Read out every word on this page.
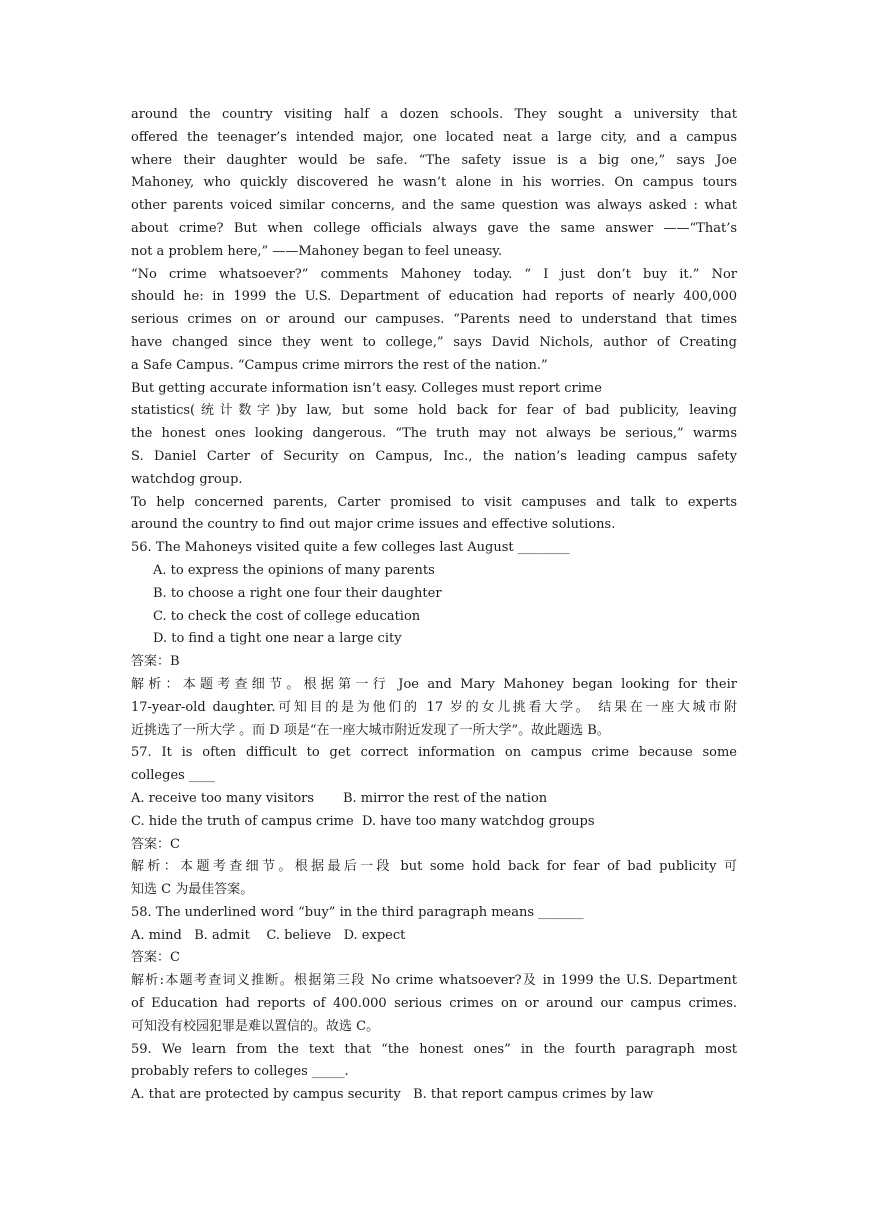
around the country visiting half a dozen schools. They sought a university that
offered the teenager’s intended major, one located neat a large city, and a campus
where their daughter would be safe. “The safety issue is a big one,” says Joe
Mahoney, who quickly discovered he wasn’t alone in his worries. On campus tours
other parents voiced similar concerns, and the same question was always asked : what
about crime? But when college officials always gave the same answer ——“That’s
not a problem here,” ——Mahoney began to feel uneasy.
“No crime whatsoever?” comments Mahoney today. “ I just don’t buy it.” Nor
should he: in 1999 the U.S. Department of education had reports of nearly 400,000
serious crimes on or around our campuses. “Parents need to understand that times
have changed since they went to college,” says David Nichols, author of Creating
a Safe Campus. “Campus crime mirrors the rest of the nation.”
But getting accurate information isn’t easy. Colleges must report crime
statistics(统计数字)by law, but some hold back for fear of bad publicity, leaving
the honest ones looking dangerous. “The truth may not always be serious,” warms
S. Daniel Carter of Security on Campus, Inc., the nation’s leading campus safety
watchdog group.
To help concerned parents, Carter promised to visit campuses and talk to experts
around the country to find out major crime issues and effective solutions.
56. The Mahoneys visited quite a few colleges last August ________
A. to express the opinions of many parents
B. to choose a right one four their daughter
C. to check the cost of college education
D. to find a tight one near a large city
答案：B
解析：本题考查细节。根据第一行 Joe and Mary Mahoney began looking for their
17-year-old daughter.可知目的是为他们的 17 岁的女儿挑看大学。 结果在一座大城市附
近挑选了一所大学 。而 D 项是“在一座大城市附近发现了一所大学”。故此题选 B。
57. It is often difficult to get correct information on campus crime because some
colleges ____
A. receive too many visitors       B. mirror the rest of the nation
C. hide the truth of campus crime  D. have too many watchdog groups
答案：C
解析：本题考查细节。根据最后一段 but some hold back for fear of bad publicity 可
知选 C 为最佳答案。
58. The underlined word “buy” in the third paragraph means _______
A. mind   B. admit    C. believe   D. expect
答案：C
解析:本题考查词义推断。根据第三段 No crime whatsoever?及 in 1999 the U.S. Department
of Education had reports of 400.000 serious crimes on or around our campus crimes.
可知没有校园犯罪是难以置信的。故选 C。
59. We learn from the text that “the honest ones” in the fourth paragraph most
probably refers to colleges _____.
A. that are protected by campus security   B. that report campus crimes by law
